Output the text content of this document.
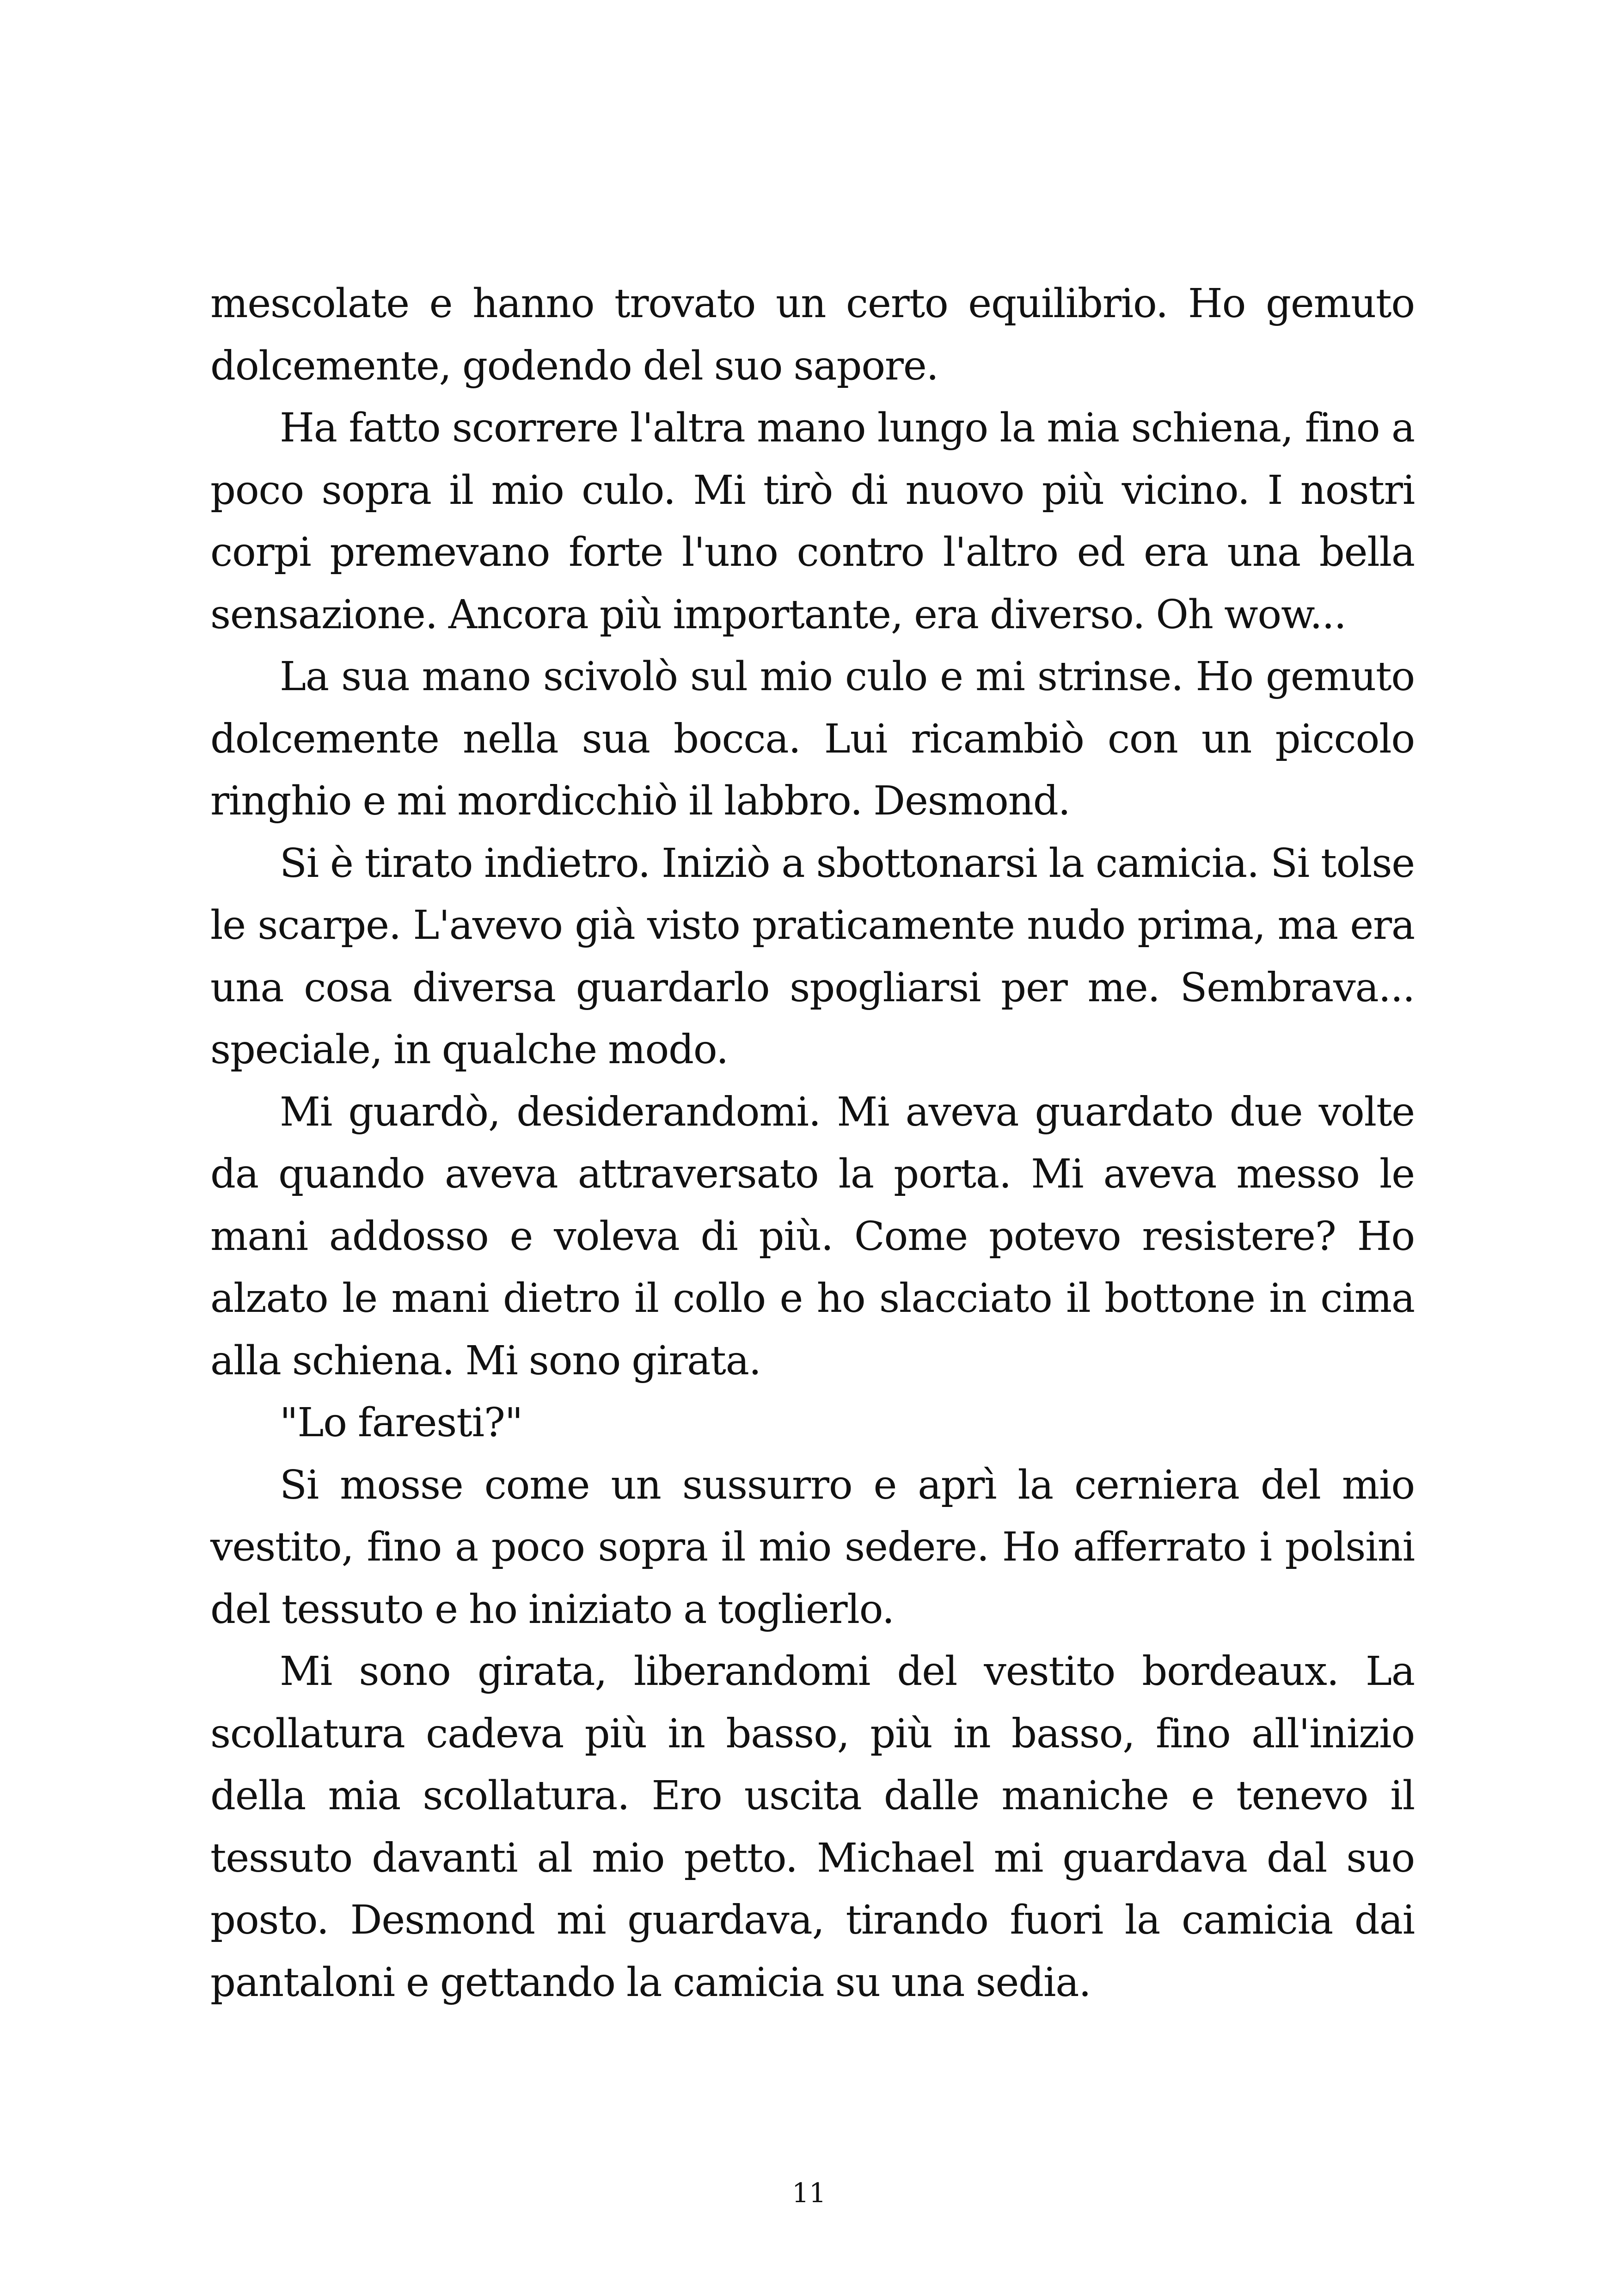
mescolate e hanno trovato un certo equilibrio. Ho gemuto dolcemente, godendo del suo sapore.

Ha fatto scorrere l'altra mano lungo la mia schiena, fino a poco sopra il mio culo. Mi tirò di nuovo più vicino. I nostri corpi premevano forte l'uno contro l'altro ed era una bella sensazione. Ancora più importante, era diverso. Oh wow...

La sua mano scivolò sul mio culo e mi strinse. Ho gemuto dolcemente nella sua bocca. Lui ricambiò con un piccolo ringhio e mi mordicchiò il labbro. Desmond.

Si è tirato indietro. Iniziò a sbottonarsi la camicia. Si tolse le scarpe. L'avevo già visto praticamente nudo prima, ma era una cosa diversa guardarlo spogliarsi per me. Sembrava... speciale, in qualche modo.

Mi guardò, desiderandomi. Mi aveva guardato due volte da quando aveva attraversato la porta. Mi aveva messo le mani addosso e voleva di più. Come potevo resistere? Ho alzato le mani dietro il collo e ho slacciato il bottone in cima alla schiena. Mi sono girata.

"Lo faresti?"

Si mosse come un sussurro e aprì la cerniera del mio vestito, fino a poco sopra il mio sedere. Ho afferrato i polsini del tessuto e ho iniziato a toglierlo.

Mi sono girata, liberandomi del vestito bordeaux. La scollatura cadeva più in basso, più in basso, fino all'inizio della mia scollatura. Ero uscita dalle maniche e tenevo il tessuto davanti al mio petto. Michael mi guardava dal suo posto. Desmond mi guardava, tirando fuori la camicia dai pantaloni e gettando la camicia su una sedia.

11
